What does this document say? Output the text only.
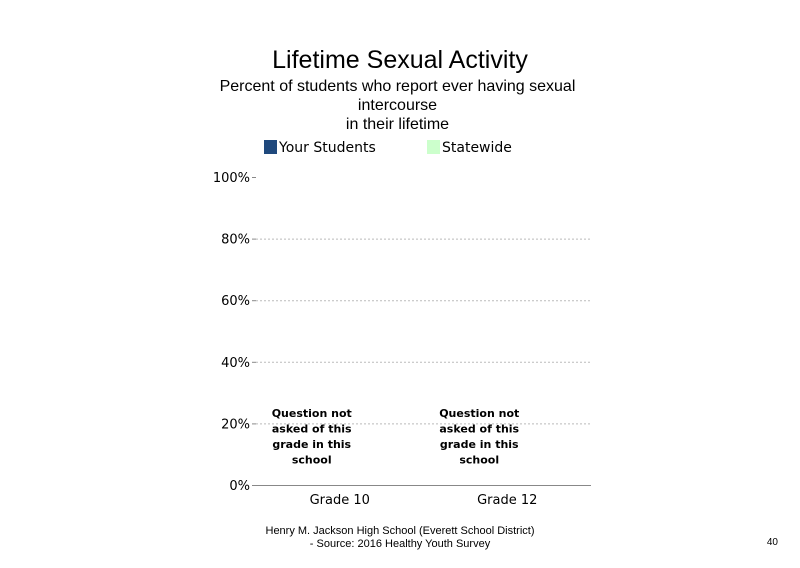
Lifetime Sexual Activity
Percent of students who report ever having sexual
intercourse
in their lifetime
Your Students	Statewide
0%
20%
40%
60%
80%
100%
Grade 10	Grade 12
Question not asked of this grade in this school
Question not asked of this grade in this school
Henry M. Jackson High School (Everett School District)
- Source: 2016 Healthy Youth Survey	40
